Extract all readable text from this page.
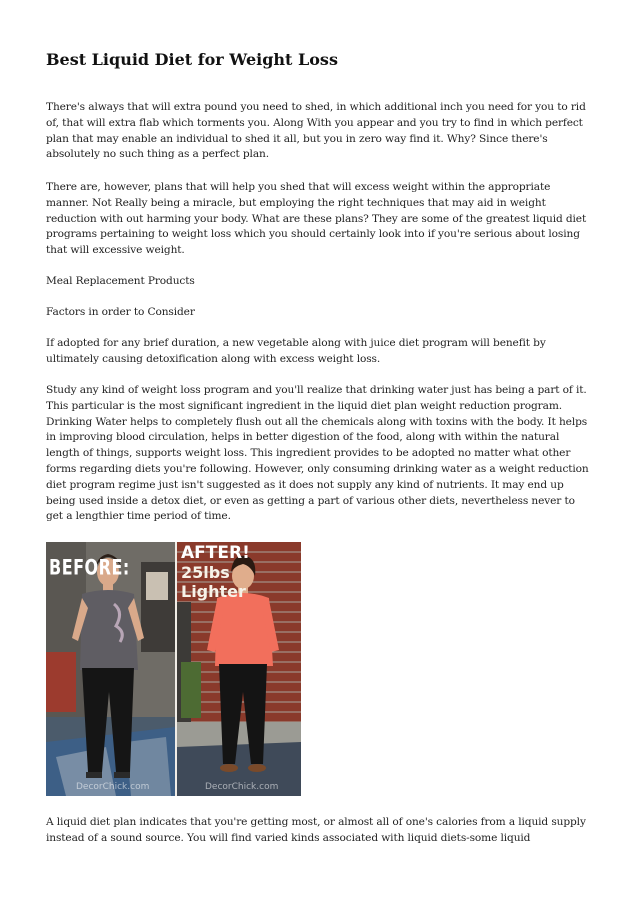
Best Liquid Diet for Weight Loss

There's always that will extra pound you need to shed, in which additional inch you need for you to rid of, that will extra flab which torments you. Along With you appear and you try to find in which perfect plan that may enable an individual to shed it all, but you in zero way find it. Why? Since there's absolutely no such thing as a perfect plan.

There are, however, plans that will help you shed that will excess weight within the appropriate manner. Not Really being a miracle, but employing the right techniques that may aid in weight reduction with out harming your body. What are these plans? They are some of the greatest liquid diet programs pertaining to weight loss which you should certainly look into if you're serious about losing that will excessive weight.

Meal Replacement Products

Factors in order to Consider

If adopted for any brief duration, a new vegetable along with juice diet program will benefit by ultimately causing detoxification along with excess weight loss.

Study any kind of weight loss program and you'll realize that drinking water just has being a part of it. This particular is the most significant ingredient in the liquid diet plan weight reduction program. Drinking Water helps to completely flush out all the chemicals along with toxins with the body. It helps in improving blood circulation, helps in better digestion of the food, along with within the natural length of things, supports weight loss. This ingredient provides to be adopted no matter what other forms regarding diets you're following. However, only consuming drinking water as a weight reduction diet program regime just isn't suggested as it does not supply any kind of nutrients. It may end up being used inside a detox diet, or even as getting a part of various other diets, nevertheless never to get a lengthier time period of time.

BEFORE:
DecorChick.com
AFTER!
25lbs
Lighter
DecorChick.com

A liquid diet plan indicates that you're getting most, or almost all of one's calories from a liquid supply instead of a sound source. You will find varied kinds associated with liquid diets-some liquid
